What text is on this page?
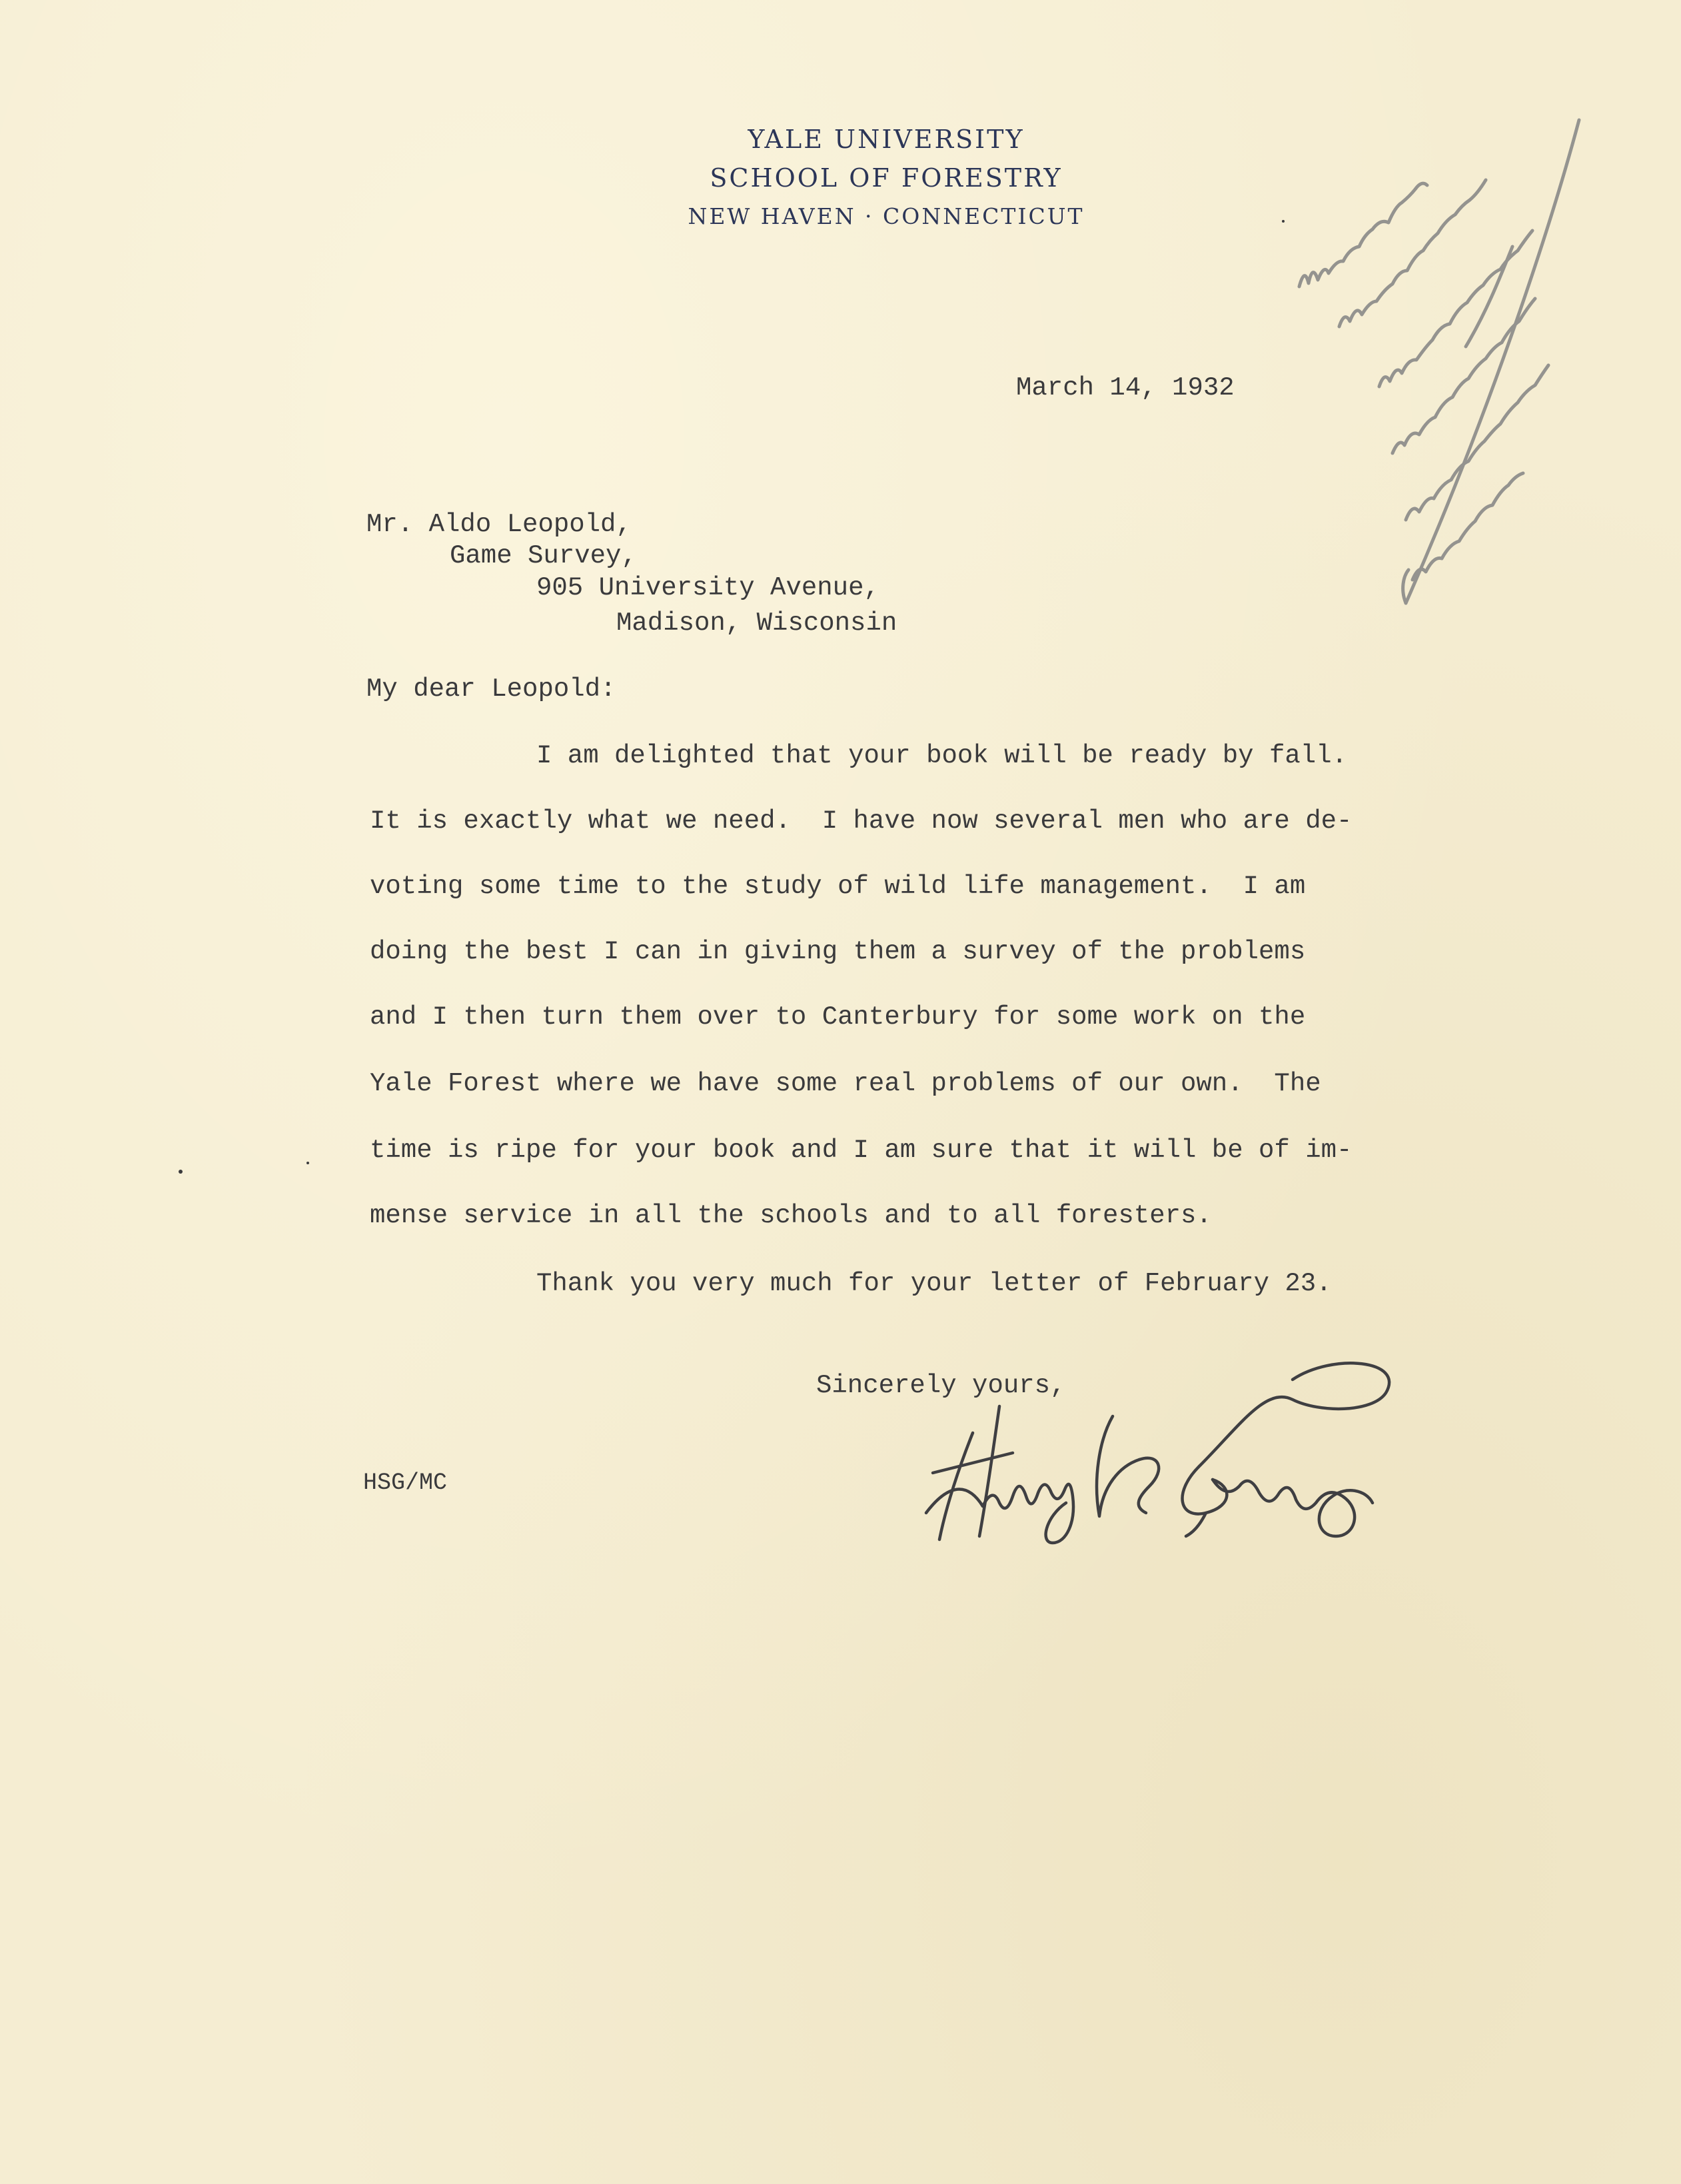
YALE UNIVERSITY
SCHOOL OF FORESTRY
NEW HAVEN · CONNECTICUT
March 14, 1932
Mr. Aldo Leopold,
Game Survey,
905 University Avenue,
Madison, Wisconsin
My dear Leopold:
I am delighted that your book will be ready by fall.
It is exactly what we need.  I have now several men who are de-
voting some time to the study of wild life management.  I am
doing the best I can in giving them a survey of the problems
and I then turn them over to Canterbury for some work on the
Yale Forest where we have some real problems of our own.  The
time is ripe for your book and I am sure that it will be of im-
mense service in all the schools and to all foresters.
Thank you very much for your letter of February 23.
Sincerely yours,
HSG/MC
